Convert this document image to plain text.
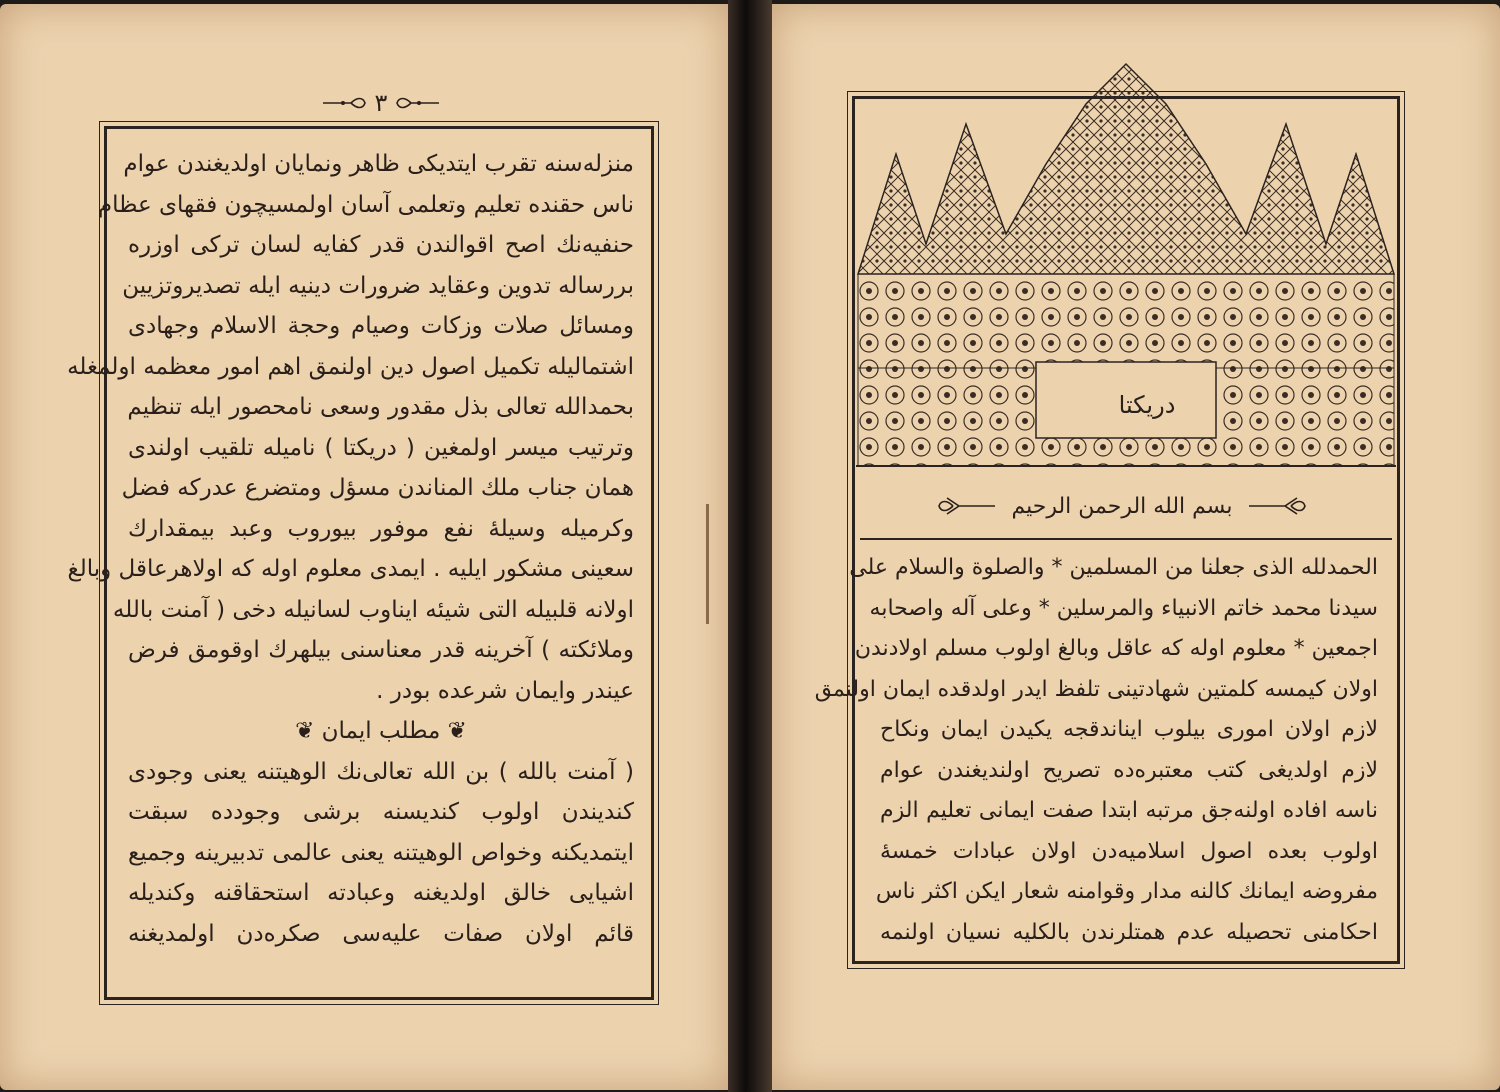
٣
منزله‌سنه تقرب ایتدیکی ظاهر ونمایان اولدیغندن عوام
ناس حقنده تعلیم وتعلمی آسان اولمسیچون فقهای عظام
حنفیه‌نك اصح اقوالندن قدر کفایه لسان ترکی اوزره
بررساله تدوین وعقاید ضرورات دینیه ایله تصدیروتزیین
ومسائل صلات وزکات وصیام وحجة الاسلام وجهادی
اشتمالیله تکمیل اصول دین اولنمق اهم امور معظمه اولمغله
بحمدالله تعالی بذل مقدور وسعی نامحصور ایله تنظیم
وترتیب میسر اولمغین ( دریکتا ) نامیله تلقیب اولندی
همان جناب ملك المناندن مسؤل ومتضرع عدرکه فضل
وکرمیله وسیلهٔ نفع موفور بیوروب وعبد بیمقدارك
سعینی مشکور ایلیه . ایمدی معلوم اوله که اولاهرعاقل وبالغ
اولانه قلبیله التی شیئه ایناوب لسانیله دخی ( آمنت بالله
وملائکته ) آخرینه قدر معناسنی بیلهرك اوقومق فرض
عیندر وایمان شرعده بودر .
❦ مطلب ایمان ❦
( آمنت بالله ) بن الله تعالی‌نك الوهیتنه یعنی وجودی
کندیندن اولوب کندیسنه برشی وجودده سبقت
ایتمدیکنه وخواص الوهیتنه یعنی عالمی تدبیرینه وجمیع
اشیایی خالق اولدیغنه وعبادته استحقاقنه وکندیله
قائم اولان صفات علیه‌سی صکره‌دن اولمدیغنه
دریکتا
بسم الله الرحمن الرحیم
الحمدلله الذی جعلنا من المسلمین * والصلوة والسلام علی
سیدنا محمد خاتم الانبیاء والمرسلین * وعلی آله واصحابه
اجمعین * معلوم اوله که عاقل وبالغ اولوب مسلم اولادندن
اولان کیمسه کلمتین شهادتینی تلفظ ایدر اولدقده ایمان اولنمق
لازم اولان اموری بیلوب ایناندقجه یکیدن ایمان ونکاح
لازم اولدیغی کتب معتبره‌ده تصریح اولندیغندن عوام
ناسه افاده اولنه‌جق مرتبه ابتدا صفت ایمانی تعلیم الزم
اولوب بعده اصول اسلامیه‌دن اولان عبادات خمسهٔ
مفروضه ایمانك کالنه مدار وقوامنه شعار ایکن اکثر ناس
احکامنی تحصیله عدم همتلرندن بالکلیه نسیان اولنمه
